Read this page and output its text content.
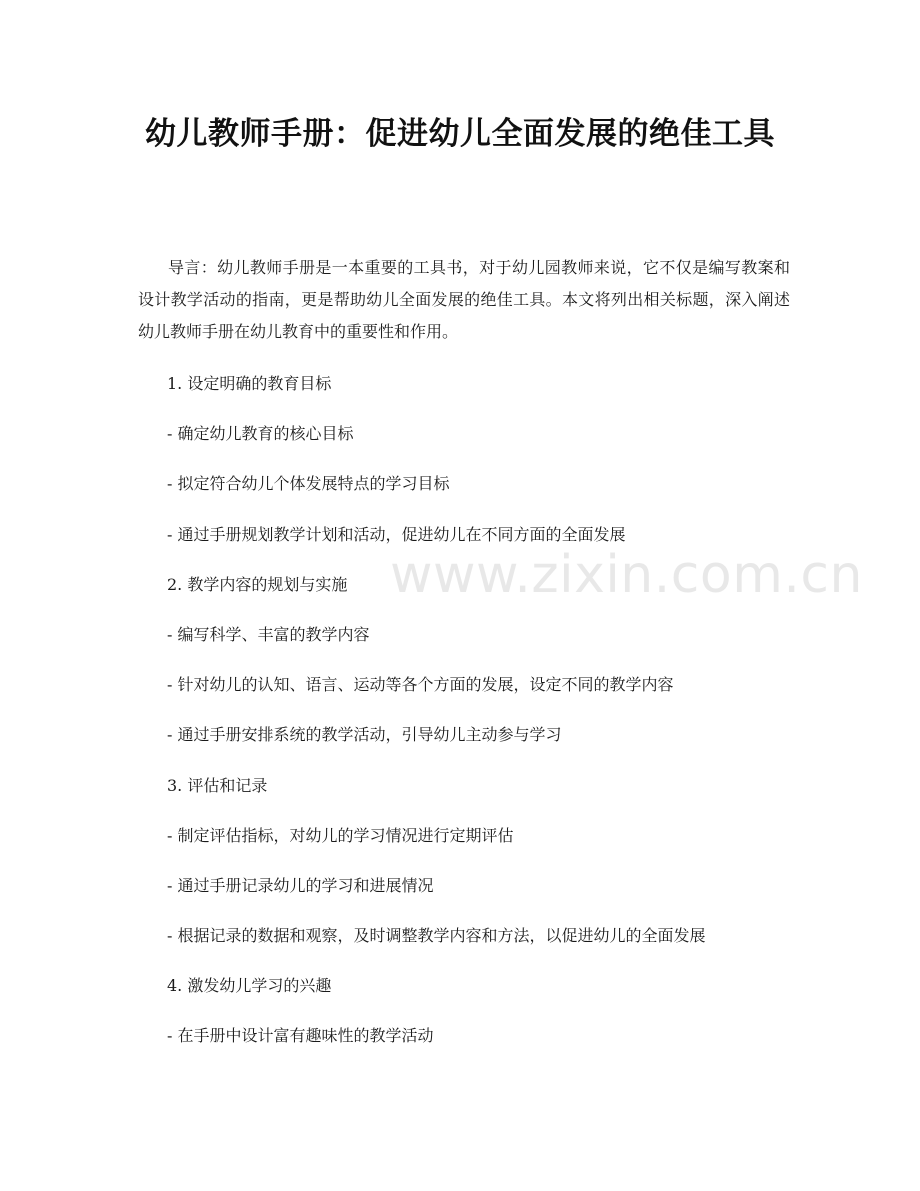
幼儿教师手册：促进幼儿全面发展的绝佳工具

导言：幼儿教师手册是一本重要的工具书，对于幼儿园教师来说，它不仅是编写教案和设计教学活动的指南，更是帮助幼儿全面发展的绝佳工具。本文将列出相关标题，深入阐述幼儿教师手册在幼儿教育中的重要性和作用。

1. 设定明确的教育目标
- 确定幼儿教育的核心目标
- 拟定符合幼儿个体发展特点的学习目标
- 通过手册规划教学计划和活动，促进幼儿在不同方面的全面发展
2. 教学内容的规划与实施
- 编写科学、丰富的教学内容
- 针对幼儿的认知、语言、运动等各个方面的发展，设定不同的教学内容
- 通过手册安排系统的教学活动，引导幼儿主动参与学习
3. 评估和记录
- 制定评估指标，对幼儿的学习情况进行定期评估
- 通过手册记录幼儿的学习和进展情况
- 根据记录的数据和观察，及时调整教学内容和方法，以促进幼儿的全面发展
4. 激发幼儿学习的兴趣
- 在手册中设计富有趣味性的教学活动
www.zixin.com.cn
